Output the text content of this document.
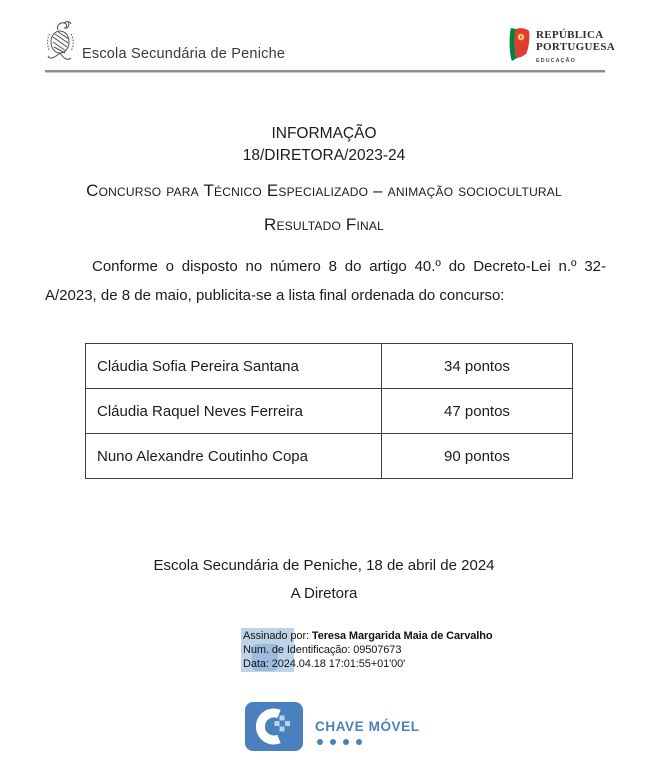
Escola Secundária de Peniche
REPÚBLICA
PORTUGUESA
EDUCAÇÃO
INFORMAÇÃO
18/DIRETORA/2023-24
Concurso para Técnico Especializado – animação sociocultural
Resultado Final
Conforme o disposto no número 8 do artigo 40.º do Decreto-Lei n.º 32-A/2023, de 8 de maio, publicita-se a lista final ordenada do concurso:
Cláudia Sofia Pereira Santana	34 pontos
Cláudia Raquel Neves Ferreira	47 pontos
Nuno Alexandre Coutinho Copa	90 pontos
Escola Secundária de Peniche, 18 de abril de 2024
A Diretora
Assinado por: Teresa Margarida Maia de Carvalho
Num. de Identificação: 09507673
Data: 2024.04.18 17:01:55+01'00'
CHAVE MÓVEL
